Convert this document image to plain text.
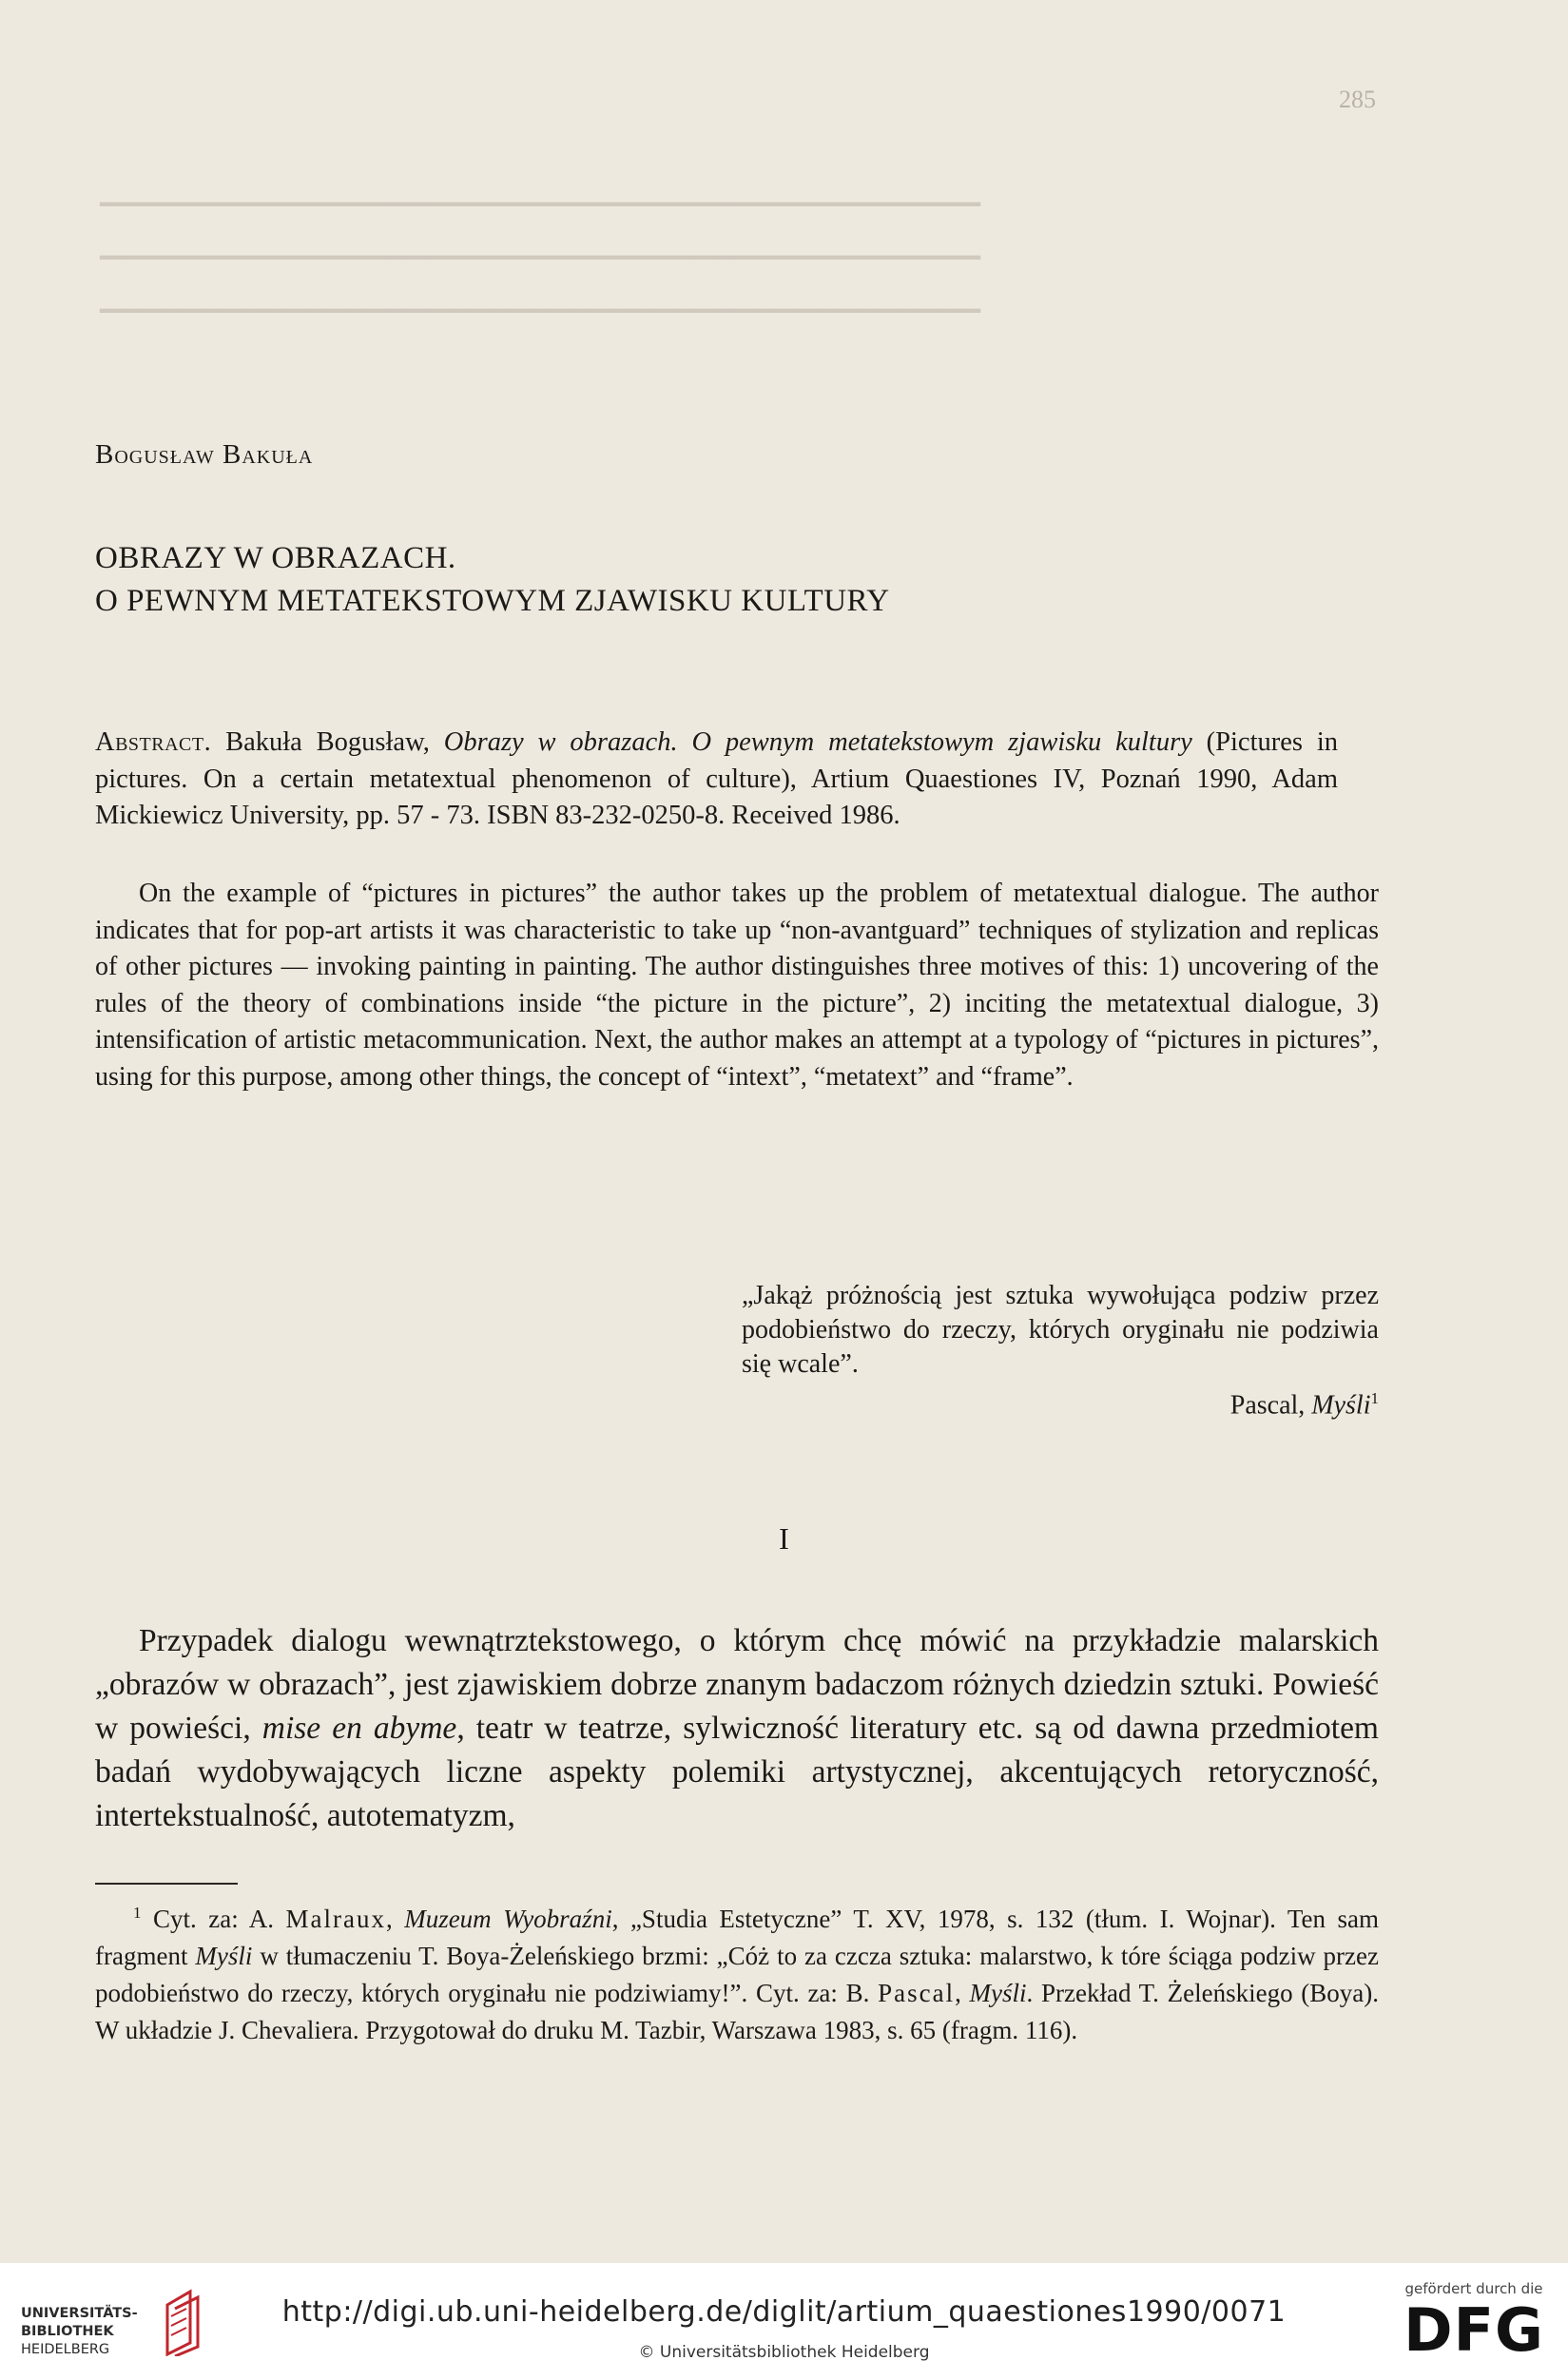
285
▁▁▁▁▁▁▁▁▁▁▁▁▁▁▁▁▁▁▁▁▁▁▁▁▁▁▁▁▁▁▁▁▁▁▁▁▁▁▁▁▁▁▁
▁▁▁▁▁▁▁▁▁▁▁▁▁▁▁▁▁▁▁▁▁▁▁▁▁▁▁▁▁▁▁▁▁▁▁▁▁▁▁▁▁▁▁
▁▁▁▁▁▁▁▁▁▁▁▁▁▁▁▁▁▁▁▁▁▁▁▁▁▁▁▁▁▁▁▁▁▁▁▁▁▁▁▁▁▁▁
Bogusław Bakuła
OBRAZY W OBRAZACH.
O PEWNYM METATEKSTOWYM ZJAWISKU KULTURY
Abstract. Bakuła Bogusław, Obrazy w obrazach. O pewnym metatekstowym zjawisku kultury (Pictures in pictures. On a certain metatextual phenomenon of culture), Artium Quaestiones IV, Poznań 1990, Adam Mickiewicz University, pp. 57 - 73. ISBN 83-232-0250-8. Received 1986.
On the example of “pictures in pictures” the author takes up the problem of metatextual dialogue. The author indicates that for pop-art artists it was characteristic to take up “non-avantguard” techniques of stylization and replicas of other pictures — invoking painting in painting. The author distinguishes three motives of this: 1) uncovering of the rules of the theory of combinations inside “the picture in the picture”, 2) inciting the metatextual dialogue, 3) intensification of artistic metacommunication. Next, the author makes an attempt at a typology of “pictures in pictures”, using for this purpose, among other things, the concept of “intext”, “metatext” and “frame”.
„Jakąż próżnością jest sztuka wywołująca podziw przez podobieństwo do rzeczy, których oryginału nie podziwia się wcale”.
Pascal, Myśli$^1$
I
Przypadek dialogu wewnątrztekstowego, o którym chcę mówić na przykładzie malarskich „obrazów w obrazach”, jest zjawiskiem dobrze znanym badaczom różnych dziedzin sztuki. Powieść w powieści, mise en abyme, teatr w teatrze, sylwiczność literatury etc. są od dawna przedmiotem badań wydobywających liczne aspekty polemiki artystycznej, akcentujących retoryczność, intertekstualność, autotematyzm,
$^1$ Cyt. za: A. Malraux, Muzeum Wyobraźni, „Studia Estetyczne” T. XV, 1978, s. 132 (tłum. I. Wojnar). Ten sam fragment Myśli w tłumaczeniu T. Boya-Żeleńskiego brzmi: „Cóż to za czcza sztuka: malarstwo, k tóre ściąga podziw przez podobieństwo do rzeczy, których oryginału nie podziwiamy!”. Cyt. za: B. Pascal, Myśli. Przekład T. Żeleńskiego (Boya). W układzie J. Chevaliera. Przygotował do druku M. Tazbir, Warszawa 1983, s. 65 (fragm. 116).
UNIVERSITÄTS-
BIBLIOTHEK
HEIDELBERG
http://digi.ub.uni-heidelberg.de/diglit/artium_quaestiones1990/0071
© Universitätsbibliothek Heidelberg
gefördert durch die
DFG
